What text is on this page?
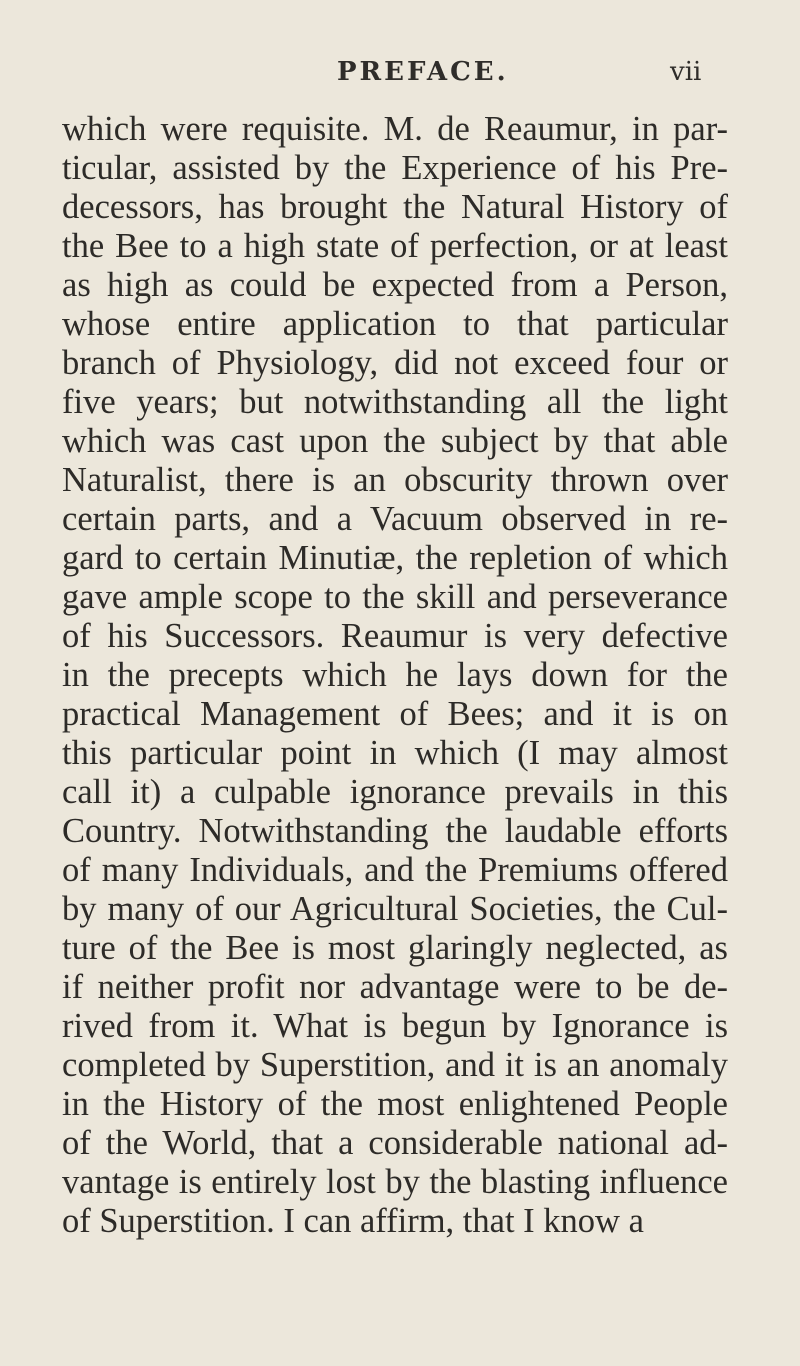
PREFACE.	vii
which were requisite. M. de Reaumur, in par-
ticular, assisted by the Experience of his Pre-
decessors, has brought the Natural History of
the Bee to a high state of perfection, or at least
as high as could be expected from a Person,
whose entire application to that particular
branch of Physiology, did not exceed four or
five years; but notwithstanding all the light
which was cast upon the subject by that able
Naturalist, there is an obscurity thrown over
certain parts, and a Vacuum observed in re-
gard to certain Minutiæ, the repletion of which
gave ample scope to the skill and perseverance
of his Successors. Reaumur is very defective
in the precepts which he lays down for the
practical Management of Bees; and it is on
this particular point in which (I may almost
call it) a culpable ignorance prevails in this
Country. Notwithstanding the laudable efforts
of many Individuals, and the Premiums offered
by many of our Agricultural Societies, the Cul-
ture of the Bee is most glaringly neglected, as
if neither profit nor advantage were to be de-
rived from it. What is begun by Ignorance is
completed by Superstition, and it is an anomaly
in the History of the most enlightened People
of the World, that a considerable national ad-
vantage is entirely lost by the blasting influence
of Superstition. I can affirm, that I know a
